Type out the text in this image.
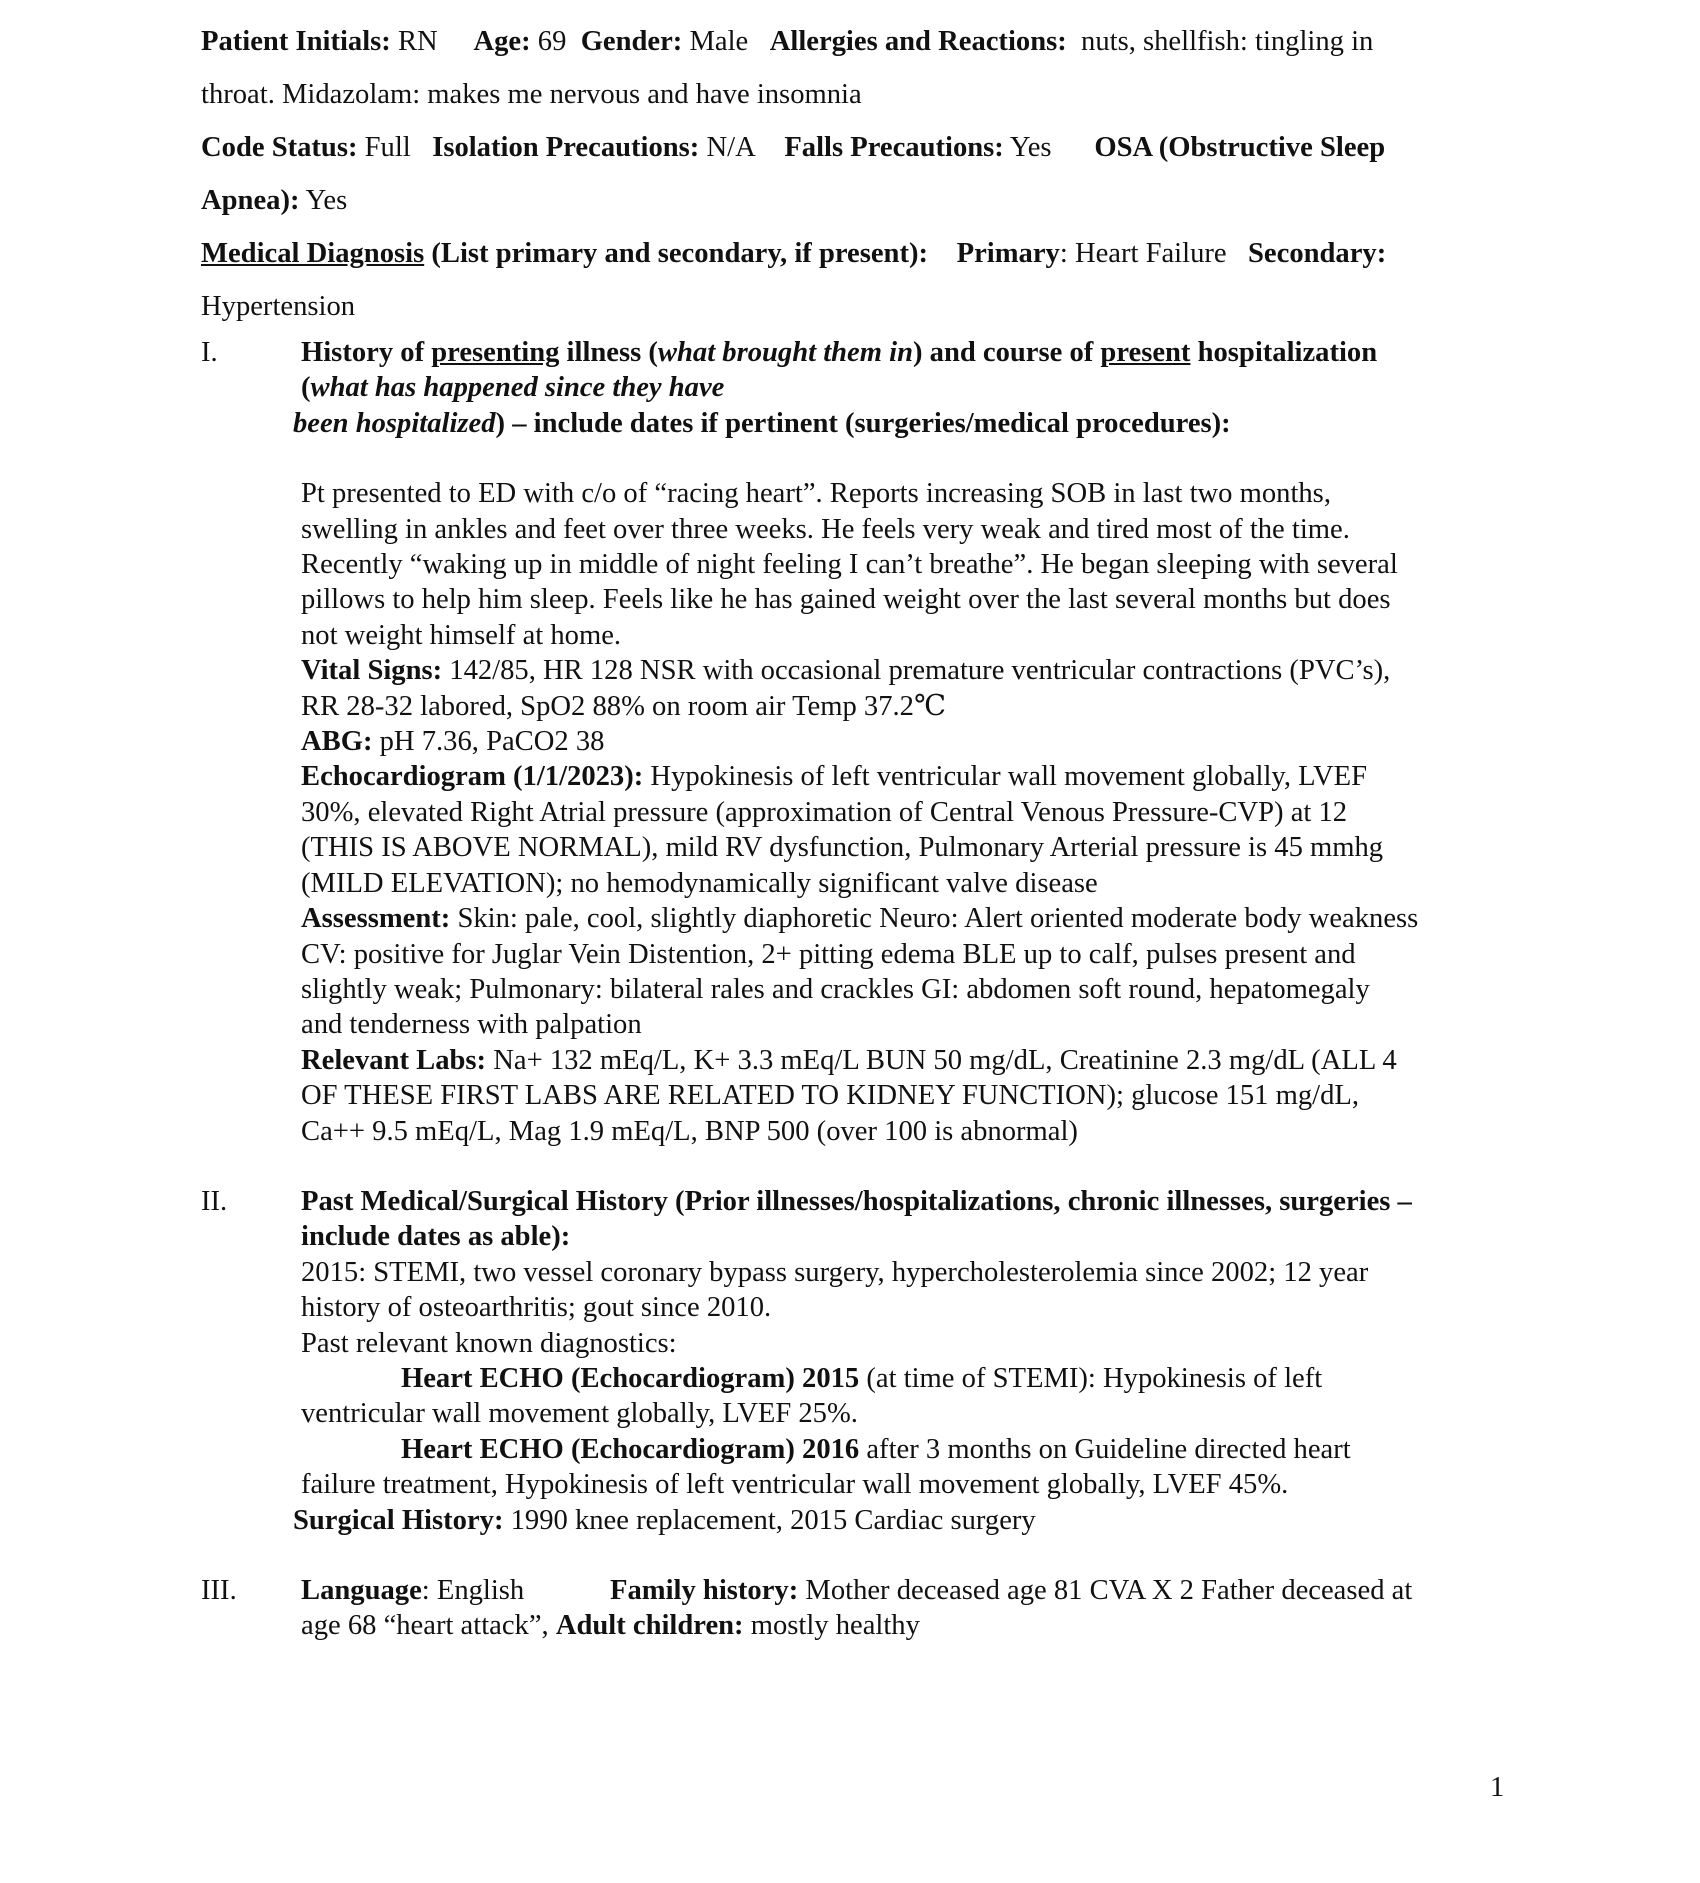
Patient Initials: RN Age: 69 Gender: Male Allergies and Reactions: nuts, shellfish: tingling in

throat. Midazolam: makes me nervous and have insomnia

Code Status: Full Isolation Precautions: N/A Falls Precautions: Yes OSA (Obstructive Sleep

Apnea): Yes

Medical Diagnosis (List primary and secondary, if present): Primary: Heart Failure Secondary:

Hypertension

I.	History of presenting illness (what brought them in) and course of present hospitalization

(what has happened since they have

been hospitalized) – include dates if pertinent (surgeries/medical procedures):

Pt presented to ED with c/o of “racing heart”. Reports increasing SOB in last two months,

swelling in ankles and feet over three weeks. He feels very weak and tired most of the time.

Recently “waking up in middle of night feeling I can’t breathe”. He began sleeping with several

pillows to help him sleep. Feels like he has gained weight over the last several months but does

not weight himself at home.

Vital Signs: 142/85, HR 128 NSR with occasional premature ventricular contractions (PVC’s),

RR 28-32 labored, SpO2 88% on room air Temp 37.2℃

ABG: pH 7.36, PaCO2 38

Echocardiogram (1/1/2023): Hypokinesis of left ventricular wall movement globally, LVEF

30%, elevated Right Atrial pressure (approximation of Central Venous Pressure-CVP) at 12

(THIS IS ABOVE NORMAL), mild RV dysfunction, Pulmonary Arterial pressure is 45 mmhg

(MILD ELEVATION); no hemodynamically significant valve disease

Assessment: Skin: pale, cool, slightly diaphoretic Neuro: Alert oriented moderate body weakness

CV: positive for Juglar Vein Distention, 2+ pitting edema BLE up to calf, pulses present and

slightly weak; Pulmonary: bilateral rales and crackles GI: abdomen soft round, hepatomegaly

and tenderness with palpation

Relevant Labs: Na+ 132 mEq/L, K+ 3.3 mEq/L BUN 50 mg/dL, Creatinine 2.3 mg/dL (ALL 4

OF THESE FIRST LABS ARE RELATED TO KIDNEY FUNCTION); glucose 151 mg/dL,

Ca++ 9.5 mEq/L, Mag 1.9 mEq/L, BNP 500 (over 100 is abnormal)

II.	Past Medical/Surgical History (Prior illnesses/hospitalizations, chronic illnesses, surgeries –

include dates as able):

2015: STEMI, two vessel coronary bypass surgery, hypercholesterolemia since 2002; 12 year

history of osteoarthritis; gout since 2010.

Past relevant known diagnostics:

Heart ECHO (Echocardiogram) 2015 (at time of STEMI): Hypokinesis of left

ventricular wall movement globally, LVEF 25%.

Heart ECHO (Echocardiogram) 2016 after 3 months on Guideline directed heart

failure treatment, Hypokinesis of left ventricular wall movement globally, LVEF 45%.

Surgical History: 1990 knee replacement, 2015 Cardiac surgery

III. Language: English	Family history: Mother deceased age 81 CVA X 2 Father deceased at

age 68 “heart attack”, Adult children: mostly healthy

1
